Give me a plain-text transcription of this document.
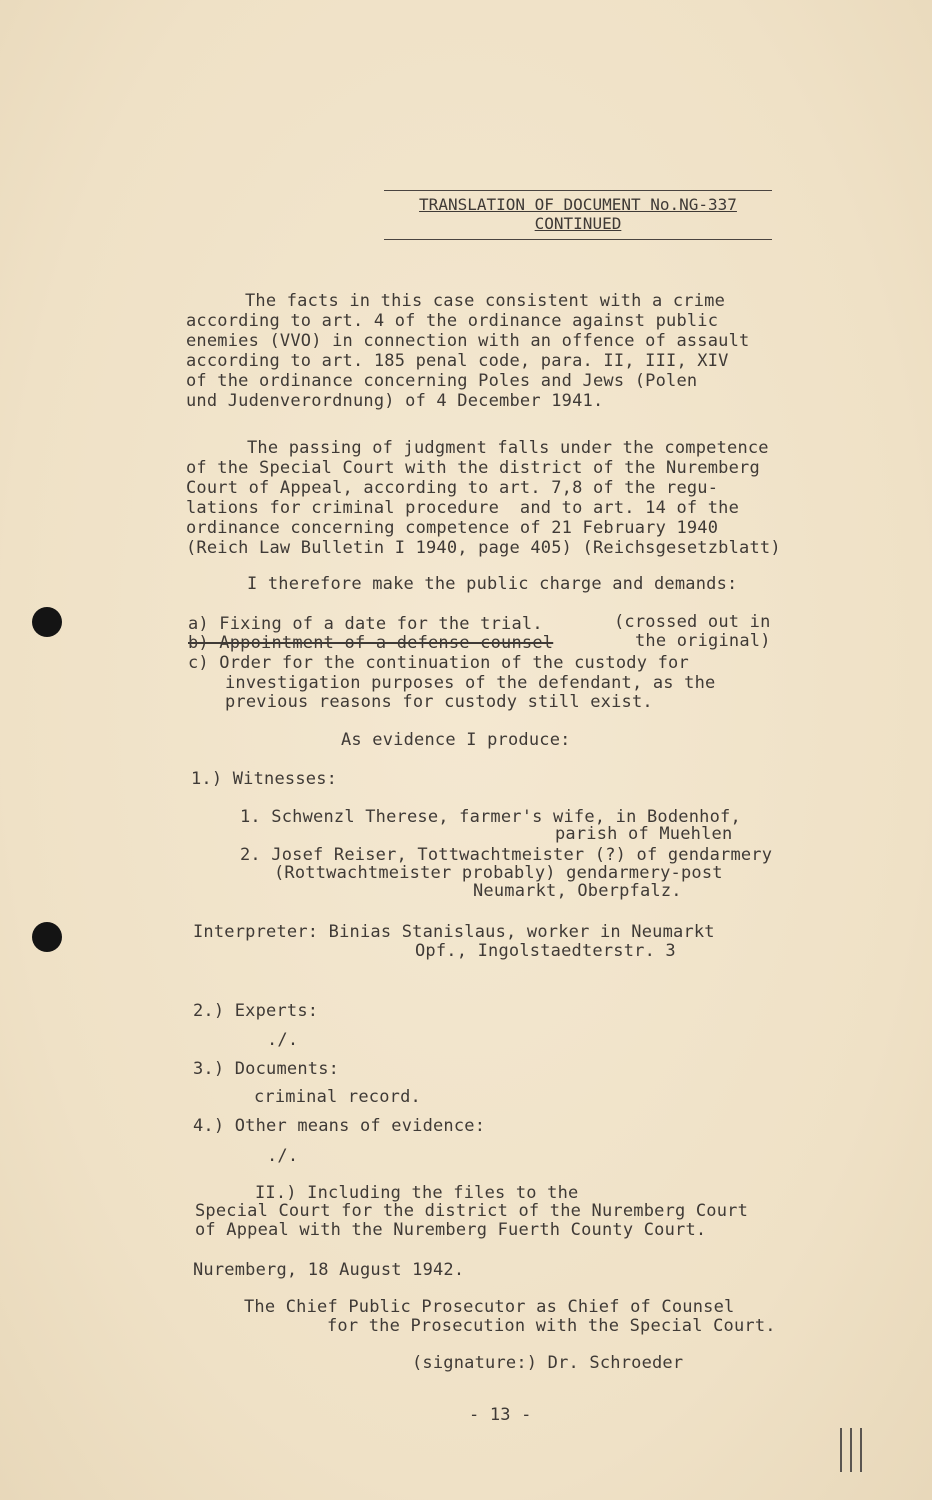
TRANSLATION OF DOCUMENT No.NG-337
CONTINUED
The facts in this case consistent with a crime
according to art. 4 of the ordinance against public
enemies (VVO) in connection with an offence of assault
according to art. 185 penal code, para. II, III, XIV
of the ordinance concerning Poles and Jews (Polen
und Judenverordnung) of 4 December 1941.
The passing of judgment falls under the competence
of the Special Court with the district of the Nuremberg
Court of Appeal, according to art. 7,8 of the regu-
lations for criminal procedure  and to art. 14 of the
ordinance concerning competence of 21 February 1940
(Reich Law Bulletin I 1940, page 405) (Reichsgesetzblatt)
I therefore make the public charge and demands:
a) Fixing of a date for the trial.	(crossed out in
b) Appointment of a defense counsel	the original)
c) Order for the continuation of the custody for
investigation purposes of the defendant, as the
previous reasons for custody still exist.
As evidence I produce:
1.) Witnesses:
1. Schwenzl Therese, farmer's wife, in Bodenhof,
parish of Muehlen
2. Josef Reiser, Tottwachtmeister (?) of gendarmery
(Rottwachtmeister probably) gendarmery-post
Neumarkt, Oberpfalz.
Interpreter: Binias Stanislaus, worker in Neumarkt
Opf., Ingolstaedterstr. 3
2.) Experts:
./.
3.) Documents:
criminal record.
4.) Other means of evidence:
./.
II.) Including the files to the
Special Court for the district of the Nuremberg Court
of Appeal with the Nuremberg Fuerth County Court.
Nuremberg, 18 August 1942.
The Chief Public Prosecutor as Chief of Counsel
for the Prosecution with the Special Court.
(signature:) Dr. Schroeder
- 13 -
